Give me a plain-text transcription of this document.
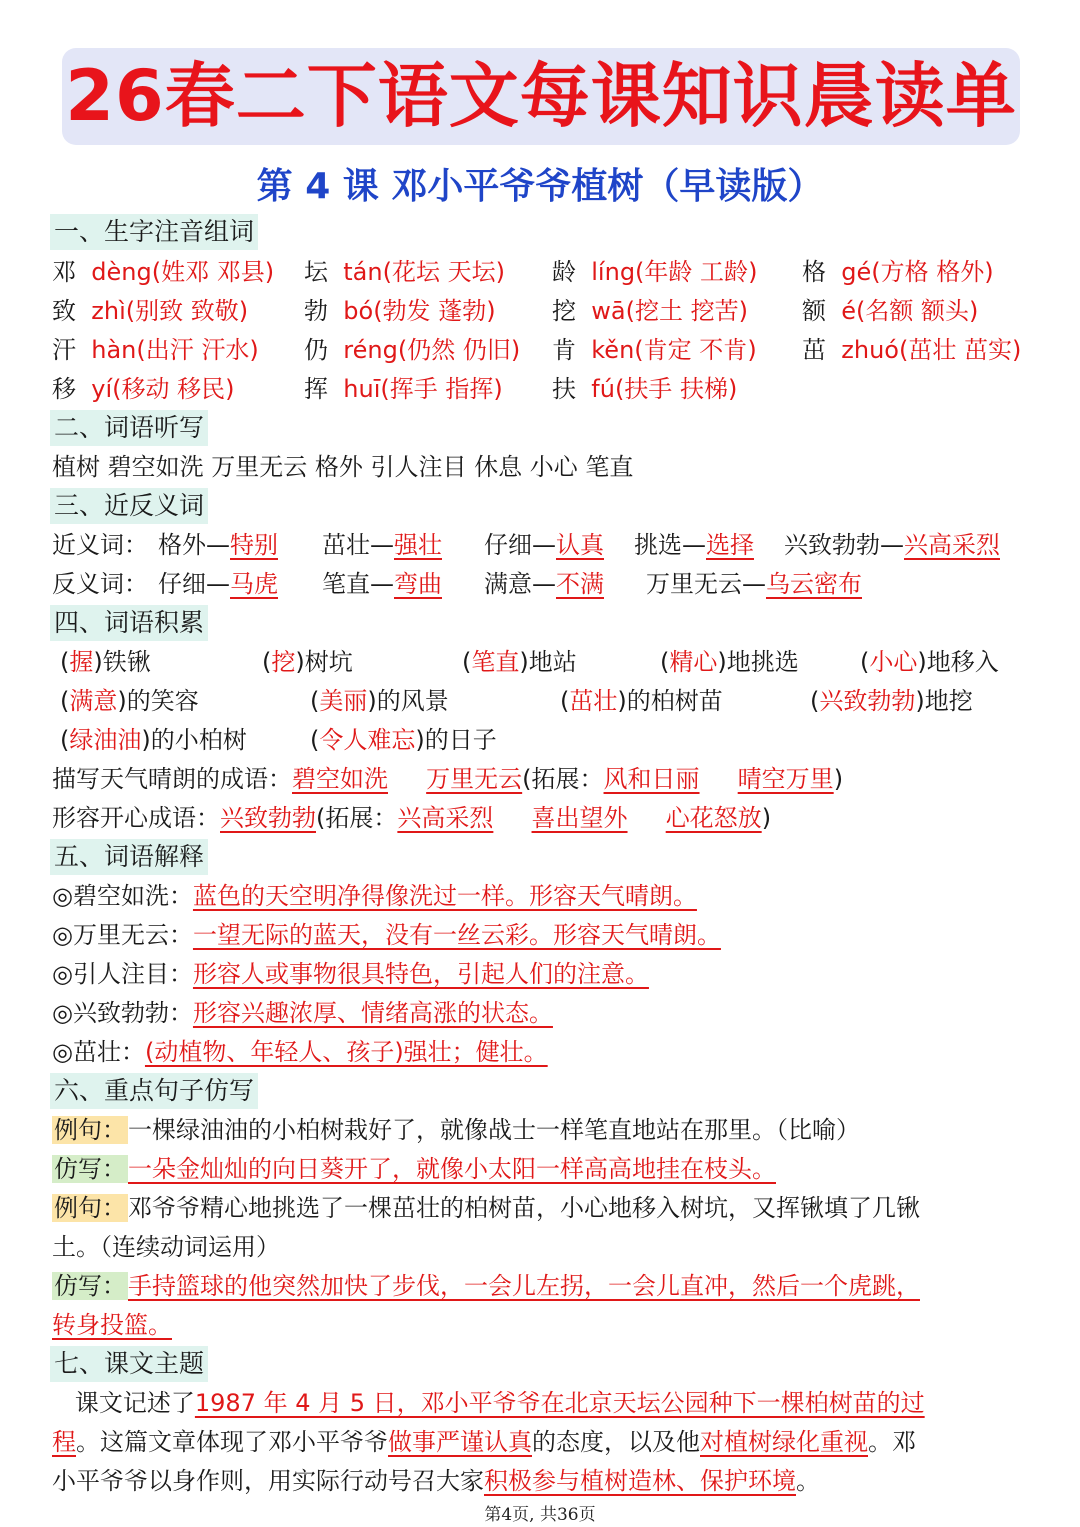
26春二下语文每课知识晨读单
第 4 课 邓小平爷爷植树（早读版）
一、生字注音组词
邓 dèng(姓邓 邓县) 坛 tán(花坛 天坛) 龄 líng(年龄 工龄) 格 gé(方格 格外)
致 zhì(别致 致敬) 勃 bó(勃发 蓬勃) 挖 wā(挖土 挖苦) 额 é(名额 额头)
汗 hàn(出汗 汗水) 仍 réng(仍然 仍旧) 肯 kěn(肯定 不肯) 茁 zhuó(茁壮 茁实)
移 yí(移动 移民)	挥 huī(挥手 指挥) 扶 fú(扶手 扶梯)
二、词语听写
植树 碧空如洗 万里无云 格外 引人注目 休息 小心 笔直
三、近反义词
近义词： 格外—特别 茁壮—强壮 仔细—认真 挑选—选择 兴致勃勃—兴高采烈
反义词： 仔细—马虎 笔直—弯曲 满意—不满 万里无云—乌云密布
四、词语积累
(握)铁锹	(挖)树坑	(笔直)地站	(精心)地挑选	(小心)地移入
(满意)的笑容	(美丽)的风景	(茁壮)的柏树苗	(兴致勃勃)地挖
(绿油油)的小柏树	(令人难忘)的日子
描写天气晴朗的成语：碧空如洗 万里无云(拓展：风和日丽 晴空万里)
形容开心成语：兴致勃勃(拓展：兴高采烈 喜出望外 心花怒放)
五、词语解释
◎碧空如洗：蓝色的天空明净得像洗过一样。形容天气晴朗。
◎万里无云：一望无际的蓝天，没有一丝云彩。形容天气晴朗。
◎引人注目：形容人或事物很具特色，引起人们的注意。
◎兴致勃勃：形容兴趣浓厚、情绪高涨的状态。
◎茁壮：(动植物、年轻人、孩子)强壮；健壮。
六、重点句子仿写
例句：一棵绿油油的小柏树栽好了，就像战士一样笔直地站在那里。（比喻）
仿写：一朵金灿灿的向日葵开了，就像小太阳一样高高地挂在枝头。
例句：邓爷爷精心地挑选了一棵茁壮的柏树苗，小心地移入树坑，又挥锹填了几锹
土。（连续动词运用）
仿写：手持篮球的他突然加快了步伐，一会儿左拐，一会儿直冲，然后一个虎跳，
转身投篮。
七、课文主题
课文记述了1987 年 4 月 5 日，邓小平爷爷在北京天坛公园种下一棵柏树苗的过
程。这篇文章体现了邓小平爷爷做事严谨认真的态度，以及他对植树绿化重视。邓
小平爷爷以身作则，用实际行动号召大家积极参与植树造林、保护环境。
第4页, 共36页
